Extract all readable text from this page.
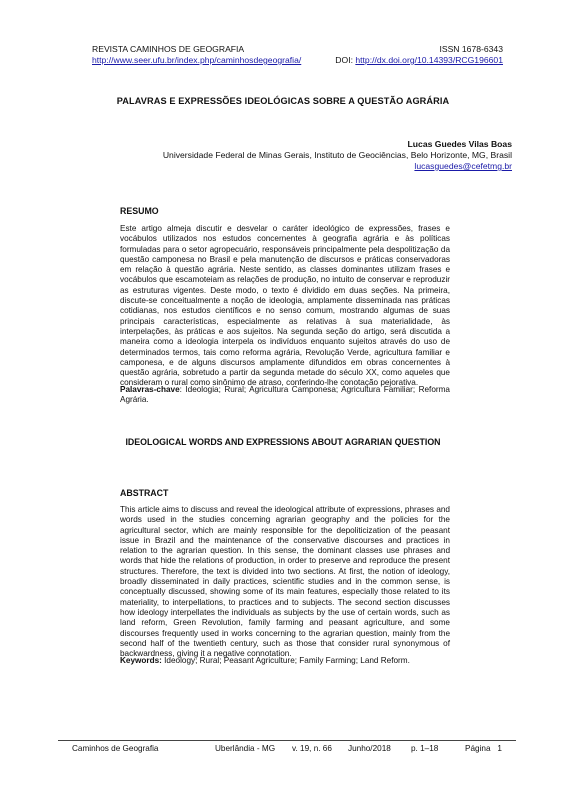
REVISTA CAMINHOS DE GEOGRAFIA
http://www.seer.ufu.br/index.php/caminhosdegeografia/
ISSN 1678-6343
DOI: http://dx.doi.org/10.14393/RCG196601
PALAVRAS E EXPRESSÕES IDEOLÓGICAS SOBRE A QUESTÃO AGRÁRIA
Lucas Guedes Vilas Boas
Universidade Federal de Minas Gerais, Instituto de Geociências, Belo Horizonte, MG, Brasil
lucasguedes@cefetmg.br
RESUMO
Este artigo almeja discutir e desvelar o caráter ideológico de expressões, frases e vocábulos utilizados nos estudos concernentes à geografia agrária e às políticas formuladas para o setor agropecuário, responsáveis principalmente pela despolitização da questão camponesa no Brasil e pela manutenção de discursos e práticas conservadoras em relação à questão agrária. Neste sentido, as classes dominantes utilizam frases e vocábulos que escamoteiam as relações de produção, no intuito de conservar e reproduzir as estruturas vigentes. Deste modo, o texto é dividido em duas seções. Na primeira, discute-se conceitualmente a noção de ideologia, amplamente disseminada nas práticas cotidianas, nos estudos científicos e no senso comum, mostrando algumas de suas principais características, especialmente as relativas à sua materialidade, às interpelações, às práticas e aos sujeitos. Na segunda seção do artigo, será discutida a maneira como a ideologia interpela os indivíduos enquanto sujeitos através do uso de determinados termos, tais como reforma agrária, Revolução Verde, agricultura familiar e camponesa, e de alguns discursos amplamente difundidos em obras concernentes à questão agrária, sobretudo a partir da segunda metade do século XX, como aqueles que consideram o rural como sinônimo de atraso, conferindo-lhe conotação pejorativa.
Palavras-chave: Ideologia; Rural; Agricultura Camponesa; Agricultura Familiar; Reforma Agrária.
IDEOLOGICAL WORDS AND EXPRESSIONS ABOUT AGRARIAN QUESTION
ABSTRACT
This article aims to discuss and reveal the ideological attribute of expressions, phrases and words used in the studies concerning agrarian geography and the policies for the agricultural sector, which are mainly responsible for the depoliticization of the peasant issue in Brazil and the maintenance of the conservative discourses and practices in relation to the agrarian question. In this sense, the dominant classes use phrases and words that hide the relations of production, in order to preserve and reproduce the present structures. Therefore, the text is divided into two sections. At first, the notion of ideology, broadly disseminated in daily practices, scientific studies and in the common sense, is conceptually discussed, showing some of its main features, especially those related to its materiality, to interpellations, to practices and to subjects. The second section discusses how ideology interpellates the individuals as subjects by the use of certain words, such as land reform, Green Revolution, family farming and peasant agriculture, and some discourses frequently used in works concerning to the agrarian question, mainly from the second half of the twentieth century, such as those that consider rural synonymous of backwardness, giving it a negative connotation.
Keywords: Ideology; Rural; Peasant Agriculture; Family Farming; Land Reform.
Caminhos de Geografia	Uberlândia - MG v. 19, n. 66 Junho/2018 p. 1–18	Página   1
